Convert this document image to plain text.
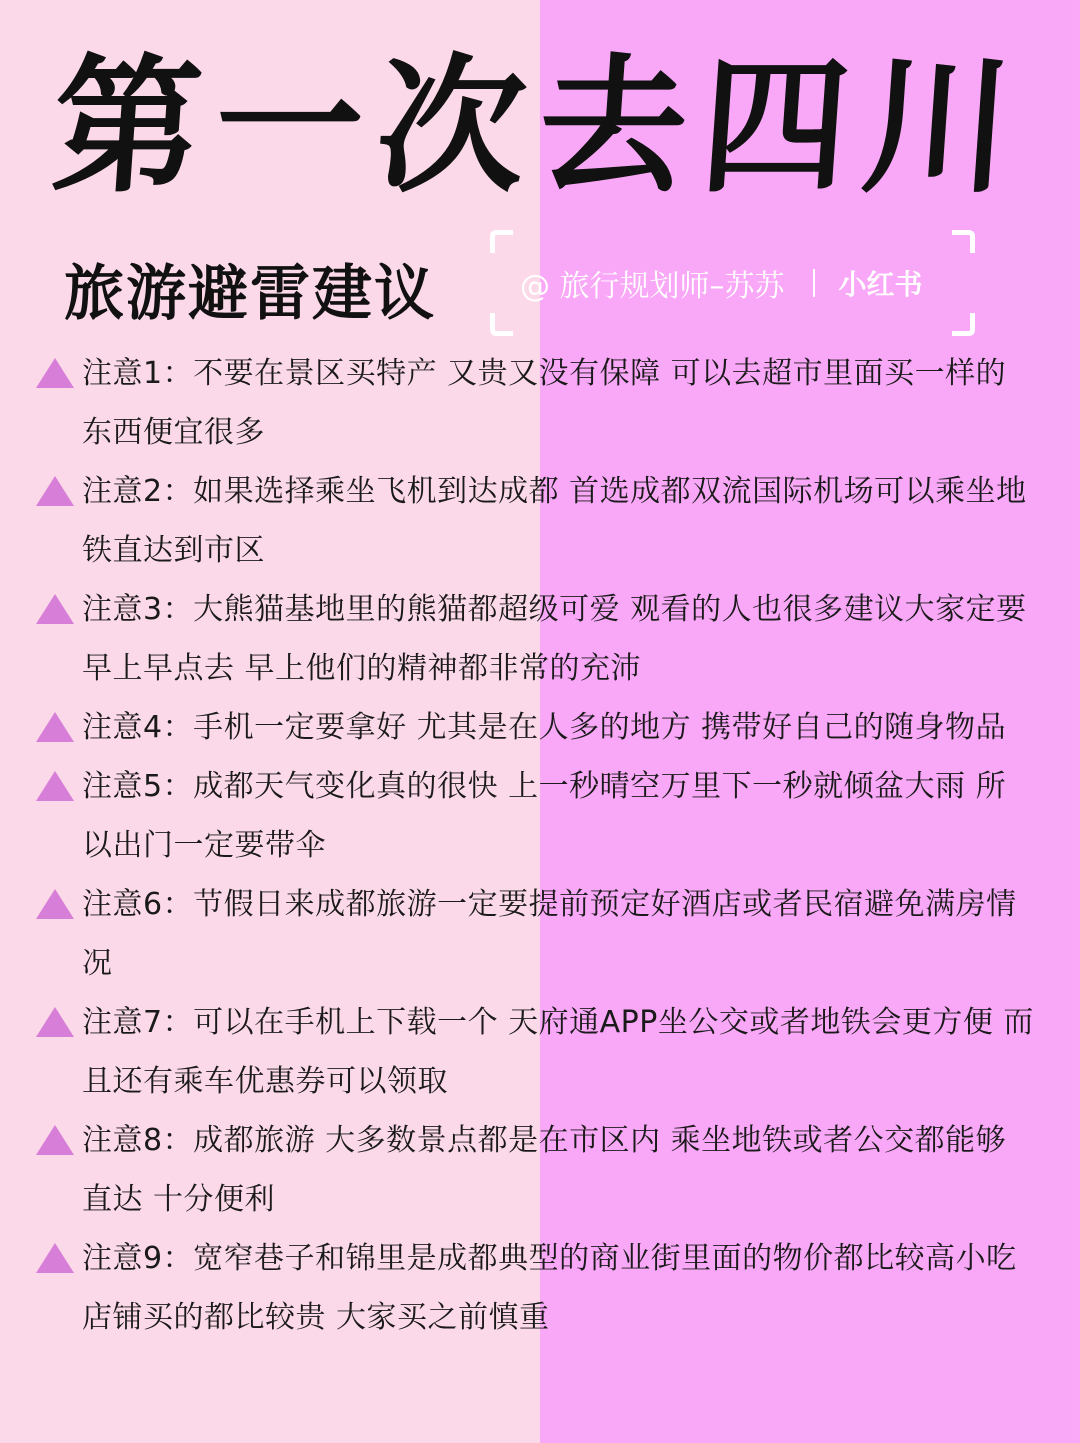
第一次去四川
旅游避雷建议	@ 旅行规划师–苏苏 小红书
注意1：不要在景区买特产 又贵又没有保障 可以去超市里面买一样的东西便宜很多
注意2：如果选择乘坐飞机到达成都 首选成都双流国际机场可以乘坐地铁直达到市区
注意3：大熊猫基地里的熊猫都超级可爱 观看的人也很多建议大家定要早上早点去 早上他们的精神都非常的充沛
注意4：手机一定要拿好 尤其是在人多的地方 携带好自己的随身物品
注意5：成都天气变化真的很快 上一秒晴空万里下一秒就倾盆大雨 所以出门一定要带伞
注意6：节假日来成都旅游一定要提前预定好酒店或者民宿避免满房情况
注意7：可以在手机上下载一个 天府通APP坐公交或者地铁会更方便 而且还有乘车优惠券可以领取
注意8：成都旅游 大多数景点都是在市区内 乘坐地铁或者公交都能够直达 十分便利
注意9：宽窄巷子和锦里是成都典型的商业街里面的物价都比较高小吃 店铺买的都比较贵 大家买之前慎重
